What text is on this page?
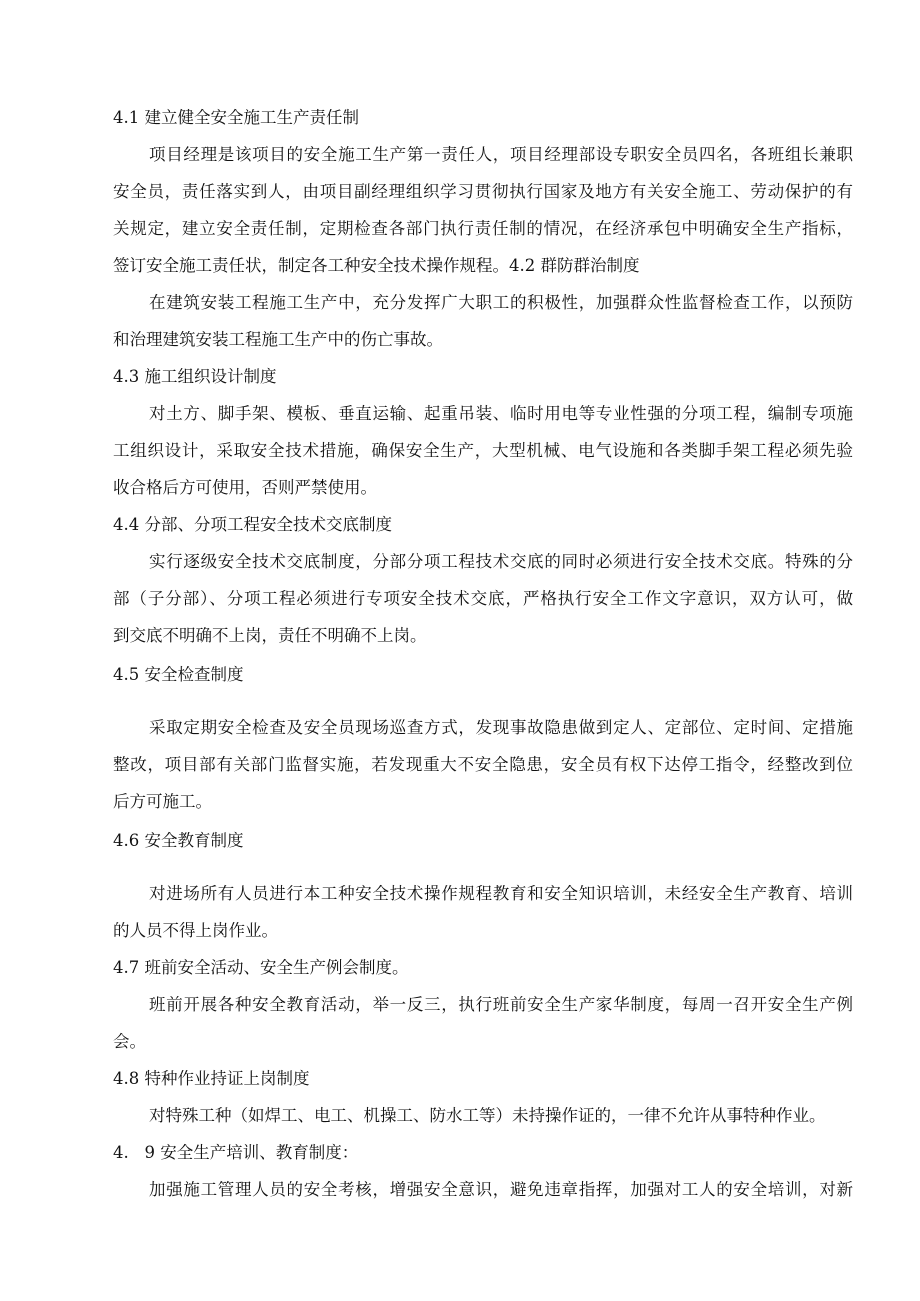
4.1 建立健全安全施工生产责任制
项目经理是该项目的安全施工生产第一责任人，项目经理部设专职安全员四名，各班组长兼职
安全员，责任落实到人，由项目副经理组织学习贯彻执行国家及地方有关安全施工、劳动保护的有
关规定，建立安全责任制，定期检查各部门执行责任制的情况，在经济承包中明确安全生产指标，
签订安全施工责任状，制定各工种安全技术操作规程。4.2 群防群治制度
在建筑安装工程施工生产中，充分发挥广大职工的积极性，加强群众性监督检查工作，以预防
和治理建筑安装工程施工生产中的伤亡事故。
4.3 施工组织设计制度
对土方、脚手架、模板、垂直运输、起重吊装、临时用电等专业性强的分项工程，编制专项施
工组织设计，采取安全技术措施，确保安全生产，大型机械、电气设施和各类脚手架工程必须先验
收合格后方可使用，否则严禁使用。
4.4 分部、分项工程安全技术交底制度
实行逐级安全技术交底制度，分部分项工程技术交底的同时必须进行安全技术交底。特殊的分
部（子分部）、分项工程必须进行专项安全技术交底，严格执行安全工作文字意识，双方认可，做
到交底不明确不上岗，责任不明确不上岗。
4.5 安全检查制度
采取定期安全检查及安全员现场巡查方式，发现事故隐患做到定人、定部位、定时间、定措施
整改，项目部有关部门监督实施，若发现重大不安全隐患，安全员有权下达停工指令，经整改到位
后方可施工。
4.6 安全教育制度
对进场所有人员进行本工种安全技术操作规程教育和安全知识培训，未经安全生产教育、培训
的人员不得上岗作业。
4.7 班前安全活动、安全生产例会制度。
班前开展各种安全教育活动，举一反三，执行班前安全生产家华制度，每周一召开安全生产例
会。
4.8 特种作业持证上岗制度
对特殊工种（如焊工、电工、机操工、防水工等）未持操作证的，一律不允许从事特种作业。
4.   9 安全生产培训、教育制度：
加强施工管理人员的安全考核，增强安全意识，避免违章指挥，加强对工人的安全培训，对新
